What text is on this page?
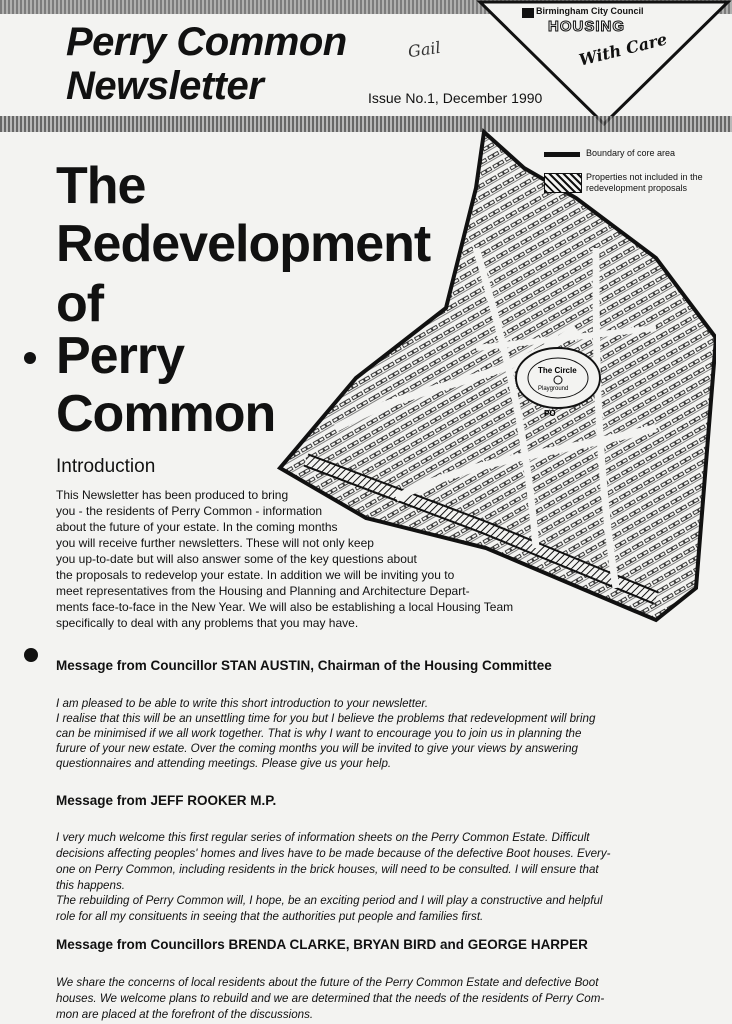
Birmingham City Council
HOUSING
With Care
Perry Common
Newsletter
Gail
Issue No.1, December 1990
The Circle
Playground
PO
Boundary of core area
Properties not included in the redevelopment proposals
The
Redevelopment
of
Perry
Common
Introduction
This Newsletter has been produced to bring
you - the residents of Perry Common - information
about the future of your estate. In the coming months
you will receive further newsletters. These will not only keep
you up-to-date but will also answer some of the key questions about
the proposals to redevelop your estate. In addition we will be inviting you to
meet representatives from the Housing and Planning and Architecture Depart-
ments face-to-face in the New Year. We will also be establishing a local Housing Team
specifically to deal with any problems that you may have.
Message from Councillor STAN AUSTIN, Chairman of the Housing Committee
I am pleased to be able to write this short introduction to your newsletter.
I realise that this will be an unsettling time for you but I believe the problems that redevelopment will bring
can be minimised if we all work together. That is why I want to encourage you to join us in planning the
furure of your new estate. Over the coming months you will be invited to give your views by answering
questionnaires and attending meetings. Please give us your help.
Message from JEFF ROOKER M.P.
I very much welcome this first regular series of information sheets on the Perry Common Estate. Difficult
decisions affecting peoples' homes and lives have to be made because of the defective Boot houses. Every-
one on Perry Common, including residents in the brick houses, will need to be consulted. I will ensure that
this happens.
The rebuilding of Perry Common will, I hope, be an exciting period and I will play a constructive and helpful
role for all my consituents in seeing that the authorities put people and families first.
Message from Councillors BRENDA CLARKE, BRYAN BIRD and GEORGE HARPER
We share the concerns of local residents about the future of the Perry Common Estate and defective Boot
houses. We welcome plans to rebuild and we are determined that the needs of the residents of Perry Com-
mon are placed at the forefront of the discussions.
